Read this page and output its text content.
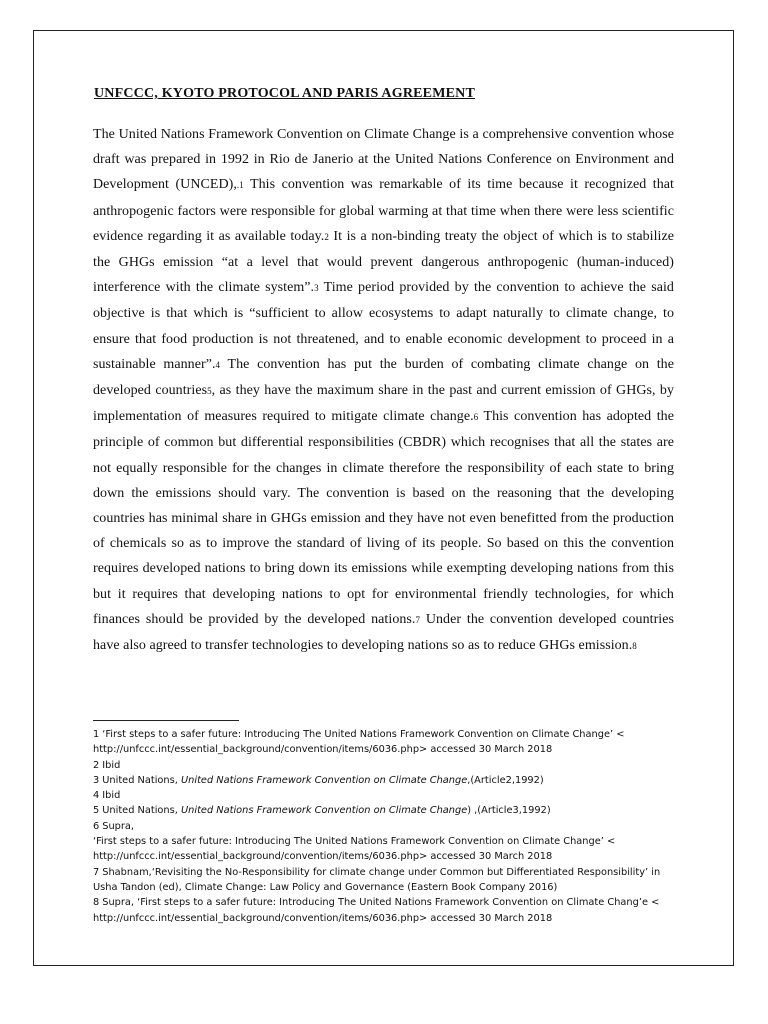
UNFCCC, KYOTO PROTOCOL AND PARIS AGREEMENT
The United Nations Framework Convention on Climate Change is a comprehensive convention whose draft was prepared in 1992 in Rio de Janerio at the United Nations Conference on Environment and Development (UNCED),.1 This convention was remarkable of its time because it recognized that anthropogenic factors were responsible for global warming at that time when there were less scientific evidence regarding it as available today.2 It is a non-binding treaty the object of which is to stabilize the GHGs emission “at a level that would prevent dangerous anthropogenic (human-induced) interference with the climate system”.3 Time period provided by the convention to achieve the said objective is that which is “sufficient to allow ecosystems to adapt naturally to climate change, to ensure that food production is not threatened, and to enable economic development to proceed in a sustainable manner”.4 The convention has put the burden of combating climate change on the developed countries5, as they have the maximum share in the past and current emission of GHGs, by implementation of measures required to mitigate climate change.6 This convention has adopted the principle of common but differential responsibilities (CBDR) which recognises that all the states are not equally responsible for the changes in climate therefore the responsibility of each state to bring down the emissions should vary. The convention is based on the reasoning that the developing countries has minimal share in GHGs emission and they have not even benefitted from the production of chemicals so as to improve the standard of living of its people. So based on this the convention requires developed nations to bring down its emissions while exempting developing nations from this but it requires that developing nations to opt for environmental friendly technologies, for which finances should be provided by the developed nations.7 Under the convention developed countries have also agreed to transfer technologies to developing nations so as to reduce GHGs emission.8
1 ‘First steps to a safer future: Introducing The United Nations Framework Convention on Climate Change’ < http://unfccc.int/essential_background/convention/items/6036.php> accessed 30 March 2018
2 Ibid
3 United Nations, United Nations Framework Convention on Climate Change,(Article2,1992)
4 Ibid
5 United Nations, United Nations Framework Convention on Climate Change) ,(Article3,1992)
6 Supra,
‘First steps to a safer future: Introducing The United Nations Framework Convention on Climate Change’ < http://unfccc.int/essential_background/convention/items/6036.php> accessed 30 March 2018
7 Shabnam,‘Revisiting the No-Responsibility for climate change under Common but Differentiated Responsibility’ in Usha Tandon (ed), Climate Change: Law Policy and Governance (Eastern Book Company 2016)
8 Supra, ‘First steps to a safer future: Introducing The United Nations Framework Convention on Climate Chang’e < http://unfccc.int/essential_background/convention/items/6036.php> accessed 30 March 2018
